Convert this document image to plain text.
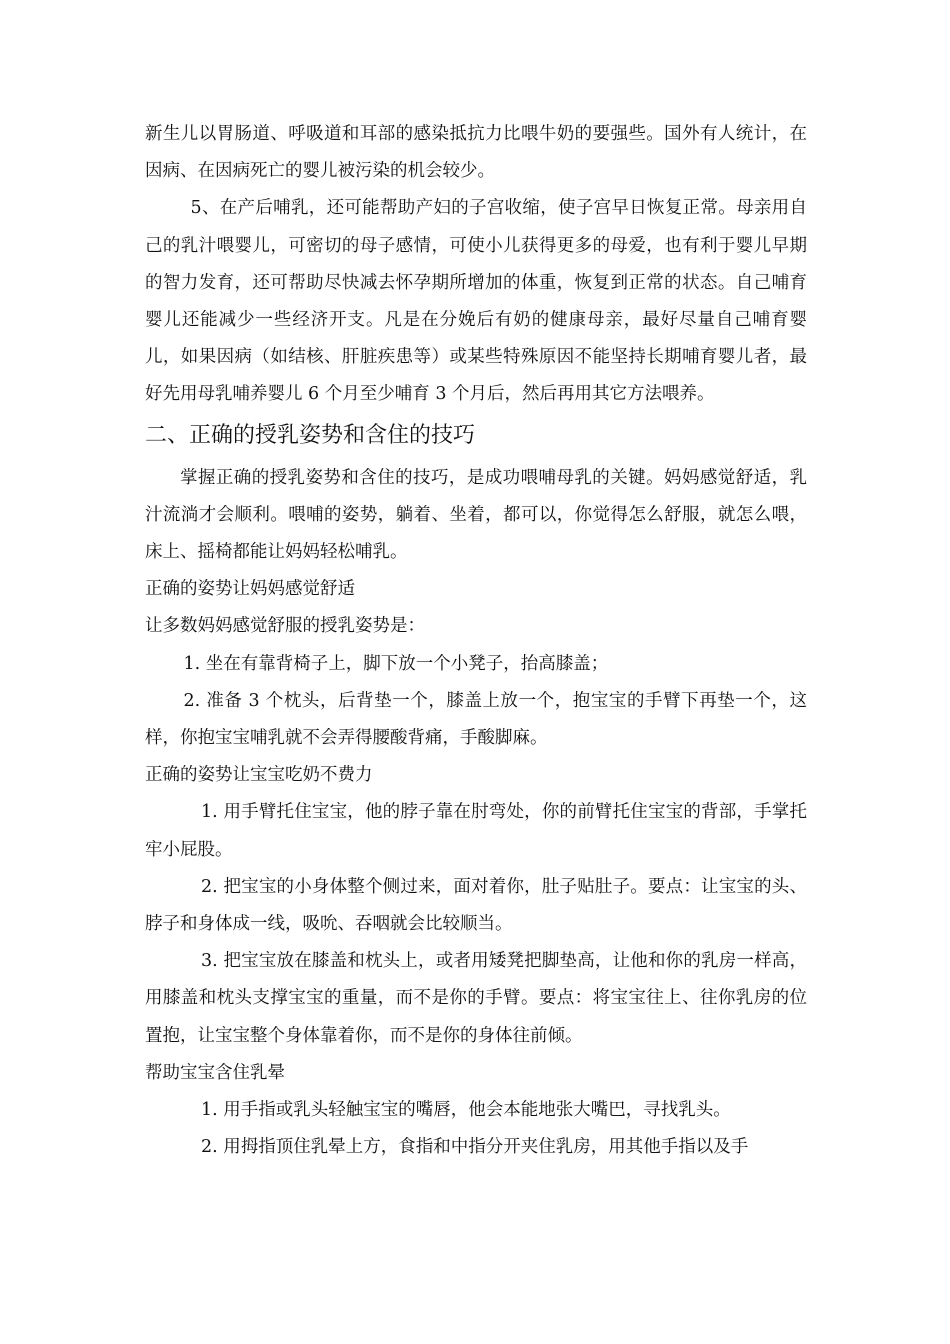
新生儿以胃肠道、呼吸道和耳部的感染抵抗力比喂牛奶的要强些。国外有人统计，在因病、在因病死亡的婴儿被污染的机会较少。

5、在产后哺乳，还可能帮助产妇的子宫收缩，使子宫早日恢复正常。母亲用自己的乳汁喂婴儿，可密切的母子感情，可使小儿获得更多的母爱，也有利于婴儿早期的智力发育，还可帮助尽快减去怀孕期所增加的体重，恢复到正常的状态。自己哺育婴儿还能减少一些经济开支。凡是在分娩后有奶的健康母亲，最好尽量自己哺育婴儿，如果因病（如结核、肝脏疾患等）或某些特殊原因不能坚持长期哺育婴儿者，最好先用母乳哺养婴儿 6 个月至少哺育 3 个月后，然后再用其它方法喂养。

二、正确的授乳姿势和含住的技巧

掌握正确的授乳姿势和含住的技巧，是成功喂哺母乳的关键。妈妈感觉舒适，乳汁流淌才会顺利。喂哺的姿势，躺着、坐着，都可以，你觉得怎么舒服，就怎么喂，床上、摇椅都能让妈妈轻松哺乳。

正确的姿势让妈妈感觉舒适

让多数妈妈感觉舒服的授乳姿势是：

1. 坐在有靠背椅子上，脚下放一个小凳子，抬高膝盖；

2. 准备 3 个枕头，后背垫一个，膝盖上放一个，抱宝宝的手臂下再垫一个，这样，你抱宝宝哺乳就不会弄得腰酸背痛，手酸脚麻。

正确的姿势让宝宝吃奶不费力

1. 用手臂托住宝宝，他的脖子靠在肘弯处，你的前臂托住宝宝的背部，手掌托牢小屁股。

2. 把宝宝的小身体整个侧过来，面对着你，肚子贴肚子。要点：让宝宝的头、脖子和身体成一线，吸吮、吞咽就会比较顺当。

3. 把宝宝放在膝盖和枕头上，或者用矮凳把脚垫高，让他和你的乳房一样高，用膝盖和枕头支撑宝宝的重量，而不是你的手臂。要点：将宝宝往上、往你乳房的位置抱，让宝宝整个身体靠着你，而不是你的身体往前倾。

帮助宝宝含住乳晕

1. 用手指或乳头轻触宝宝的嘴唇，他会本能地张大嘴巴，寻找乳头。

2. 用拇指顶住乳晕上方，食指和中指分开夹住乳房，用其他手指以及手
